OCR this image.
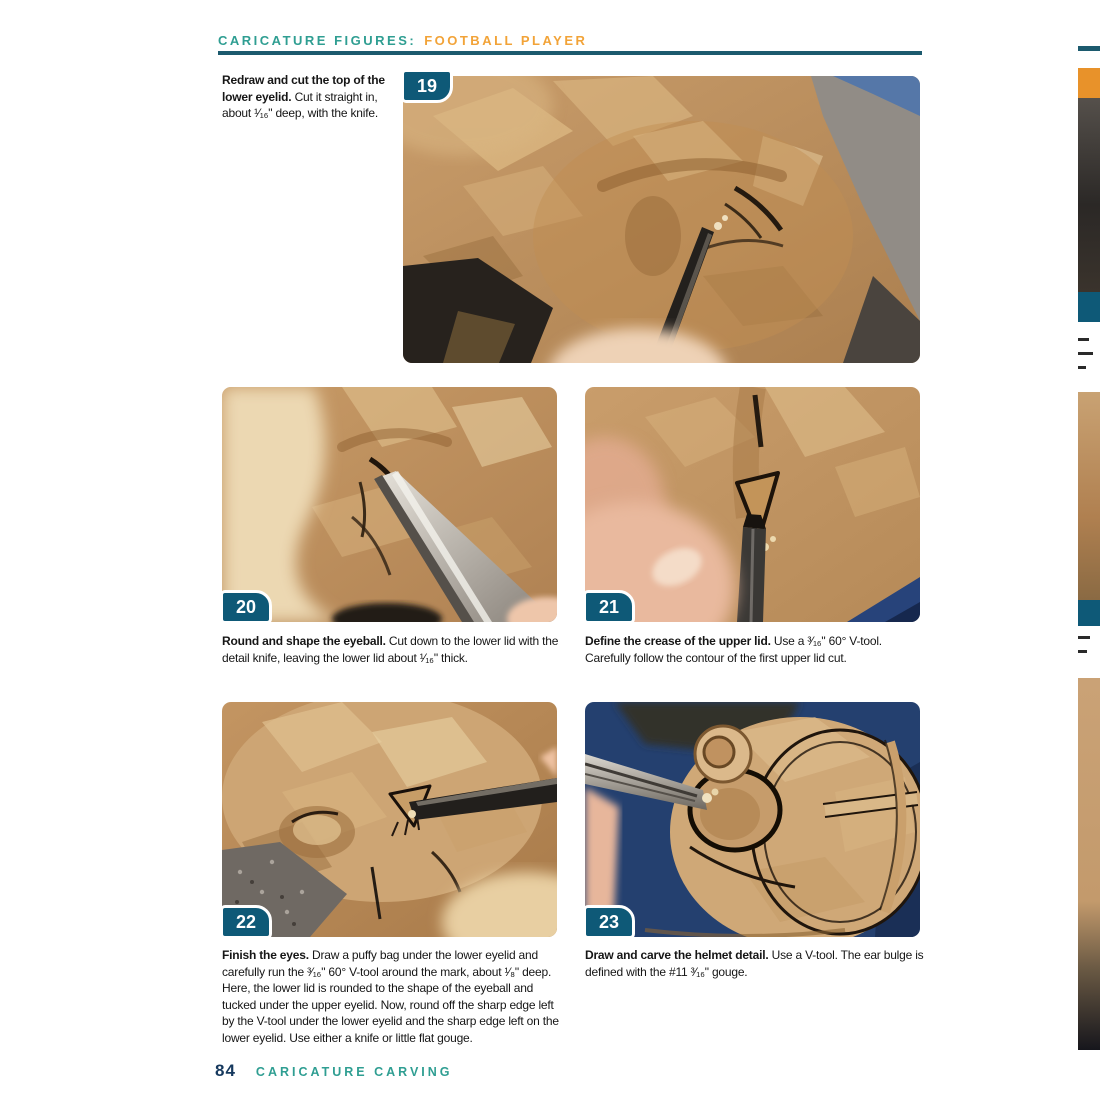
CARICATURE FIGURES: FOOTBALL PLAYER
Redraw and cut the top of the lower eyelid. Cut it straight in, about ¹⁄₁₆" deep, with the knife.
19
20	21
22	23
Round and shape the eyeball. Cut down to the lower lid with the detail knife, leaving the lower lid about ¹⁄₁₆" thick.
Define the crease of the upper lid. Use a ³⁄₁₆" 60° V-tool. Carefully follow the contour of the first upper lid cut.
Finish the eyes. Draw a puffy bag under the lower eyelid and carefully run the ³⁄₁₆" 60° V-tool around the mark, about ¹⁄₈" deep. Here, the lower lid is rounded to the shape of the eyeball and tucked under the upper eyelid. Now, round off the sharp edge left by the V-tool under the lower eyelid and the sharp edge left on the lower eyelid. Use either a knife or little flat gouge.
Draw and carve the helmet detail. Use a V-tool. The ear bulge is defined with the #11 ³⁄₁₆" gouge.
84 CARICATURE CARVING
